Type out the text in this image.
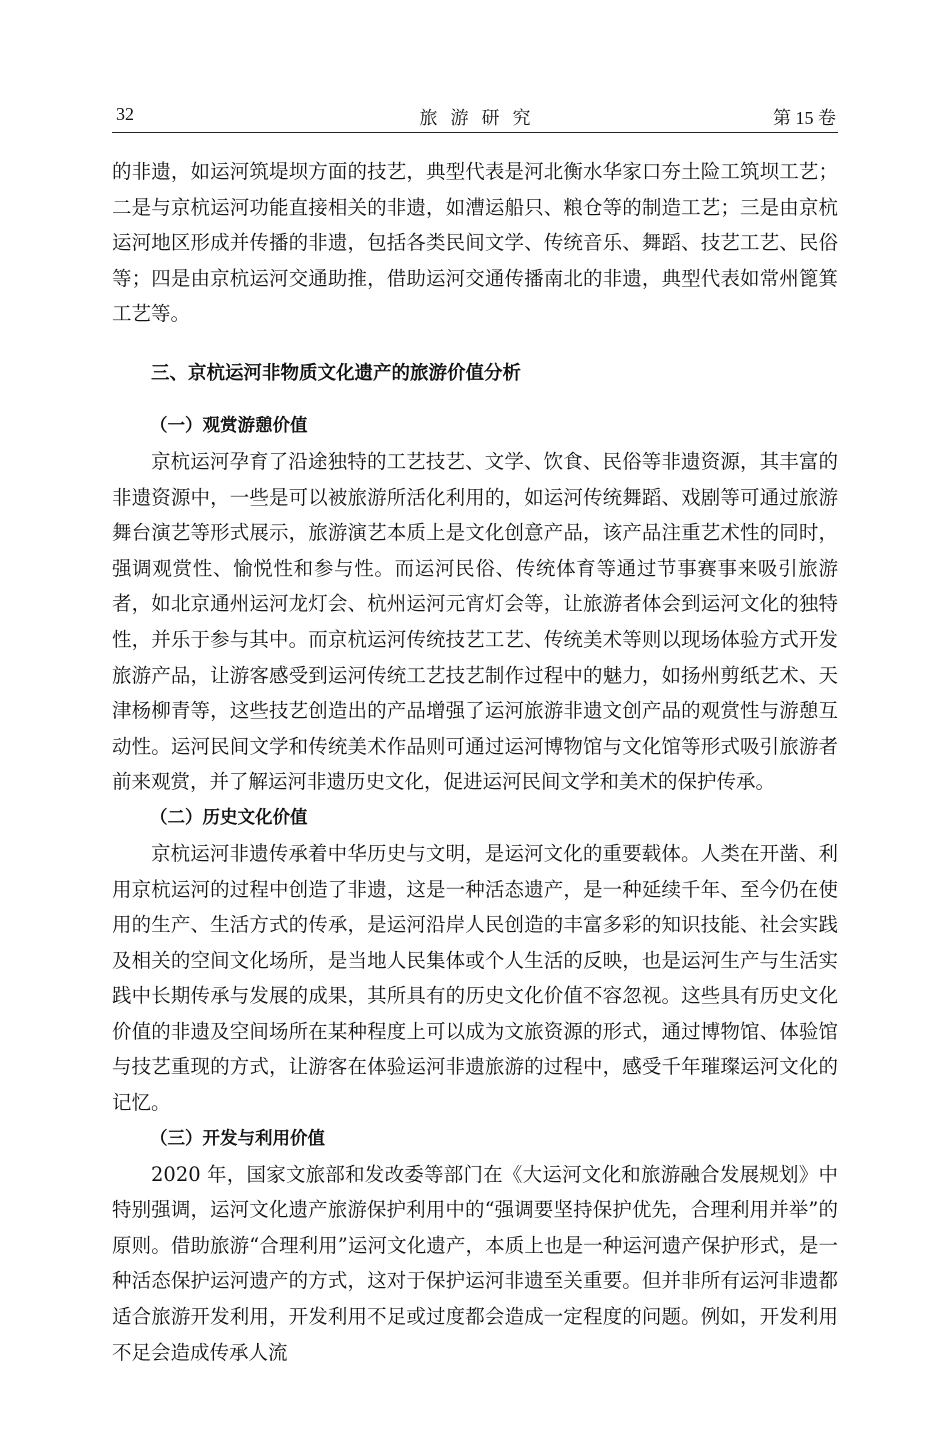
32	旅游研究	第 15 卷

的非遗，如运河筑堤坝方面的技艺，典型代表是河北衡水华家口夯土险工筑坝工艺；二是与京杭运河功能直接相关的非遗，如漕运船只、粮仓等的制造工艺；三是由京杭运河地区形成并传播的非遗，包括各类民间文学、传统音乐、舞蹈、技艺工艺、民俗等；四是由京杭运河交通助推，借助运河交通传播南北的非遗，典型代表如常州篦箕工艺等。

三、京杭运河非物质文化遗产的旅游价值分析
（一）观赏游憩价值

京杭运河孕育了沿途独特的工艺技艺、文学、饮食、民俗等非遗资源，其丰富的非遗资源中，一些是可以被旅游所活化利用的，如运河传统舞蹈、戏剧等可通过旅游舞台演艺等形式展示，旅游演艺本质上是文化创意产品，该产品注重艺术性的同时，强调观赏性、愉悦性和参与性。而运河民俗、传统体育等通过节事赛事来吸引旅游者，如北京通州运河龙灯会、杭州运河元宵灯会等，让旅游者体会到运河文化的独特性，并乐于参与其中。而京杭运河传统技艺工艺、传统美术等则以现场体验方式开发旅游产品，让游客感受到运河传统工艺技艺制作过程中的魅力，如扬州剪纸艺术、天津杨柳青等，这些技艺创造出的产品增强了运河旅游非遗文创产品的观赏性与游憩互动性。运河民间文学和传统美术作品则可通过运河博物馆与文化馆等形式吸引旅游者前来观赏，并了解运河非遗历史文化，促进运河民间文学和美术的保护传承。

（二）历史文化价值

京杭运河非遗传承着中华历史与文明，是运河文化的重要载体。人类在开凿、利用京杭运河的过程中创造了非遗，这是一种活态遗产，是一种延续千年、至今仍在使用的生产、生活方式的传承，是运河沿岸人民创造的丰富多彩的知识技能、社会实践及相关的空间文化场所，是当地人民集体或个人生活的反映，也是运河生产与生活实践中长期传承与发展的成果，其所具有的历史文化价值不容忽视。这些具有历史文化价值的非遗及空间场所在某种程度上可以成为文旅资源的形式，通过博物馆、体验馆与技艺重现的方式，让游客在体验运河非遗旅游的过程中，感受千年璀璨运河文化的记忆。

（三）开发与利用价值

2020 年，国家文旅部和发改委等部门在《大运河文化和旅游融合发展规划》中特别强调，运河文化遗产旅游保护利用中的“强调要坚持保护优先，合理利用并举”的原则。借助旅游“合理利用”运河文化遗产，本质上也是一种运河遗产保护形式，是一种活态保护运河遗产的方式，这对于保护运河非遗至关重要。但并非所有运河非遗都适合旅游开发利用，开发利用不足或过度都会造成一定程度的问题。例如，开发利用不足会造成传承人流
